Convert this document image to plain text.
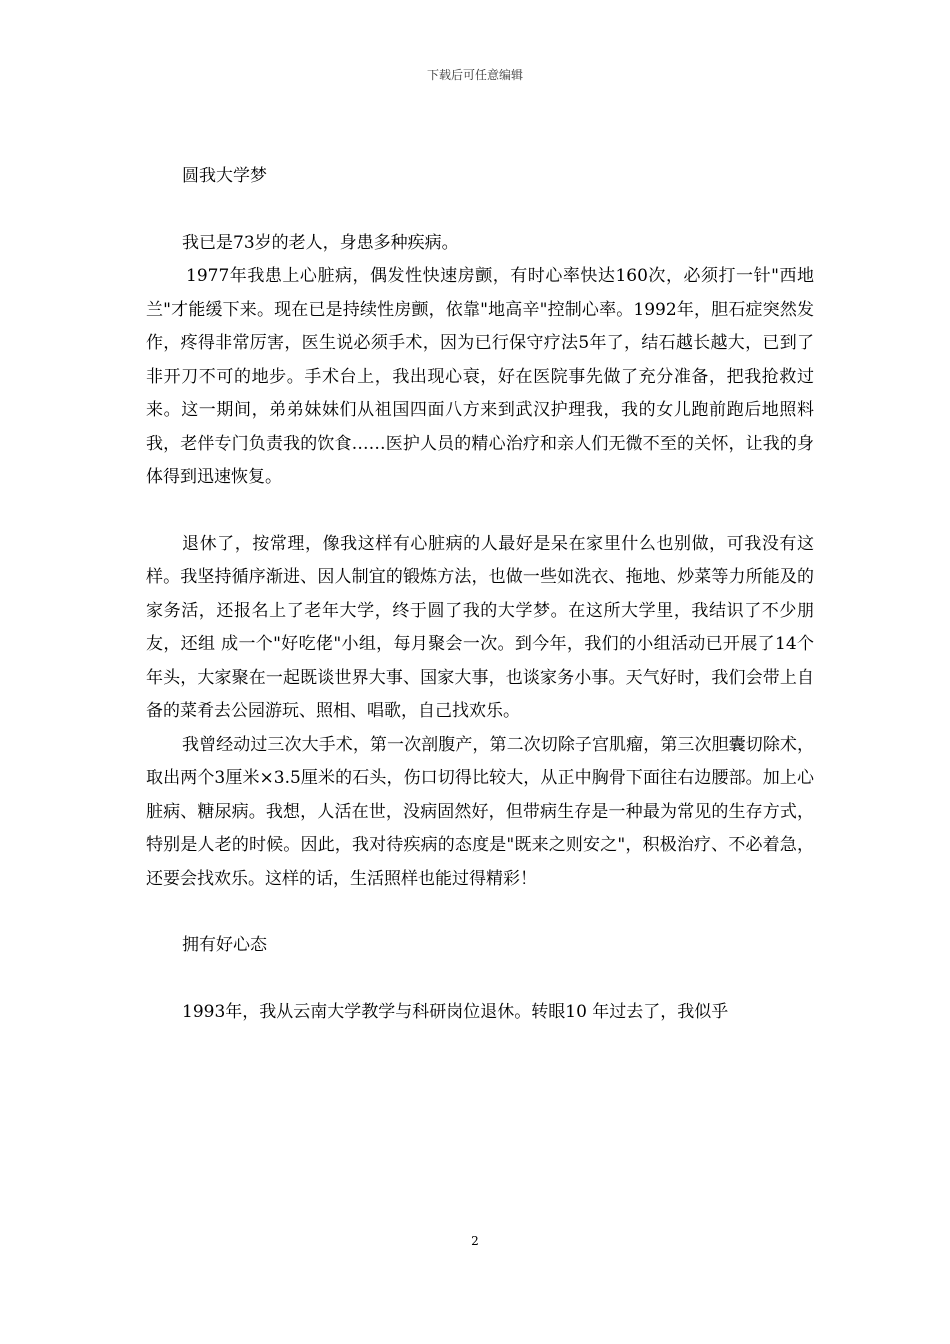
下载后可任意编辑

圆我大学梦

我已是73岁的老人，身患多种疾病。

1977年我患上心脏病，偶发性快速房颤，有时心率快达160次，必须打一针"西地兰"才能缓下来。现在已是持续性房颤，依靠"地高辛"控制心率。1992年，胆石症突然发作，疼得非常厉害，医生说必须手术，因为已行保守疗法5年了，结石越长越大，已到了非开刀不可的地步。手术台上，我出现心衰，好在医院事先做了充分准备，把我抢救过来。这一期间，弟弟妹妹们从祖国四面八方来到武汉护理我，我的女儿跑前跑后地照料我，老伴专门负责我的饮食……医护人员的精心治疗和亲人们无微不至的关怀，让我的身体得到迅速恢复。

退休了，按常理，像我这样有心脏病的人最好是呆在家里什么也别做，可我没有这样。我坚持循序渐进、因人制宜的锻炼方法，也做一些如洗衣、拖地、炒菜等力所能及的家务活，还报名上了老年大学，终于圆了我的大学梦。在这所大学里，我结识了不少朋友，还组 成一个"好吃佬"小组，每月聚会一次。到今年，我们的小组活动已开展了14个年头，大家聚在一起既谈世界大事、国家大事，也谈家务小事。天气好时，我们会带上自备的菜肴去公园游玩、照相、唱歌，自己找欢乐。

我曾经动过三次大手术，第一次剖腹产，第二次切除子宫肌瘤，第三次胆囊切除术，取出两个3厘米×3.5厘米的石头，伤口切得比较大，从正中胸骨下面往右边腰部。加上心脏病、糖尿病。我想，人活在世，没病固然好，但带病生存是一种最为常见的生存方式，特别是人老的时候。因此，我对待疾病的态度是"既来之则安之"，积极治疗、不必着急，还要会找欢乐。这样的话，生活照样也能过得精彩！

拥有好心态

1993年，我从云南大学教学与科研岗位退休。转眼10 年过去了，我似乎

2
